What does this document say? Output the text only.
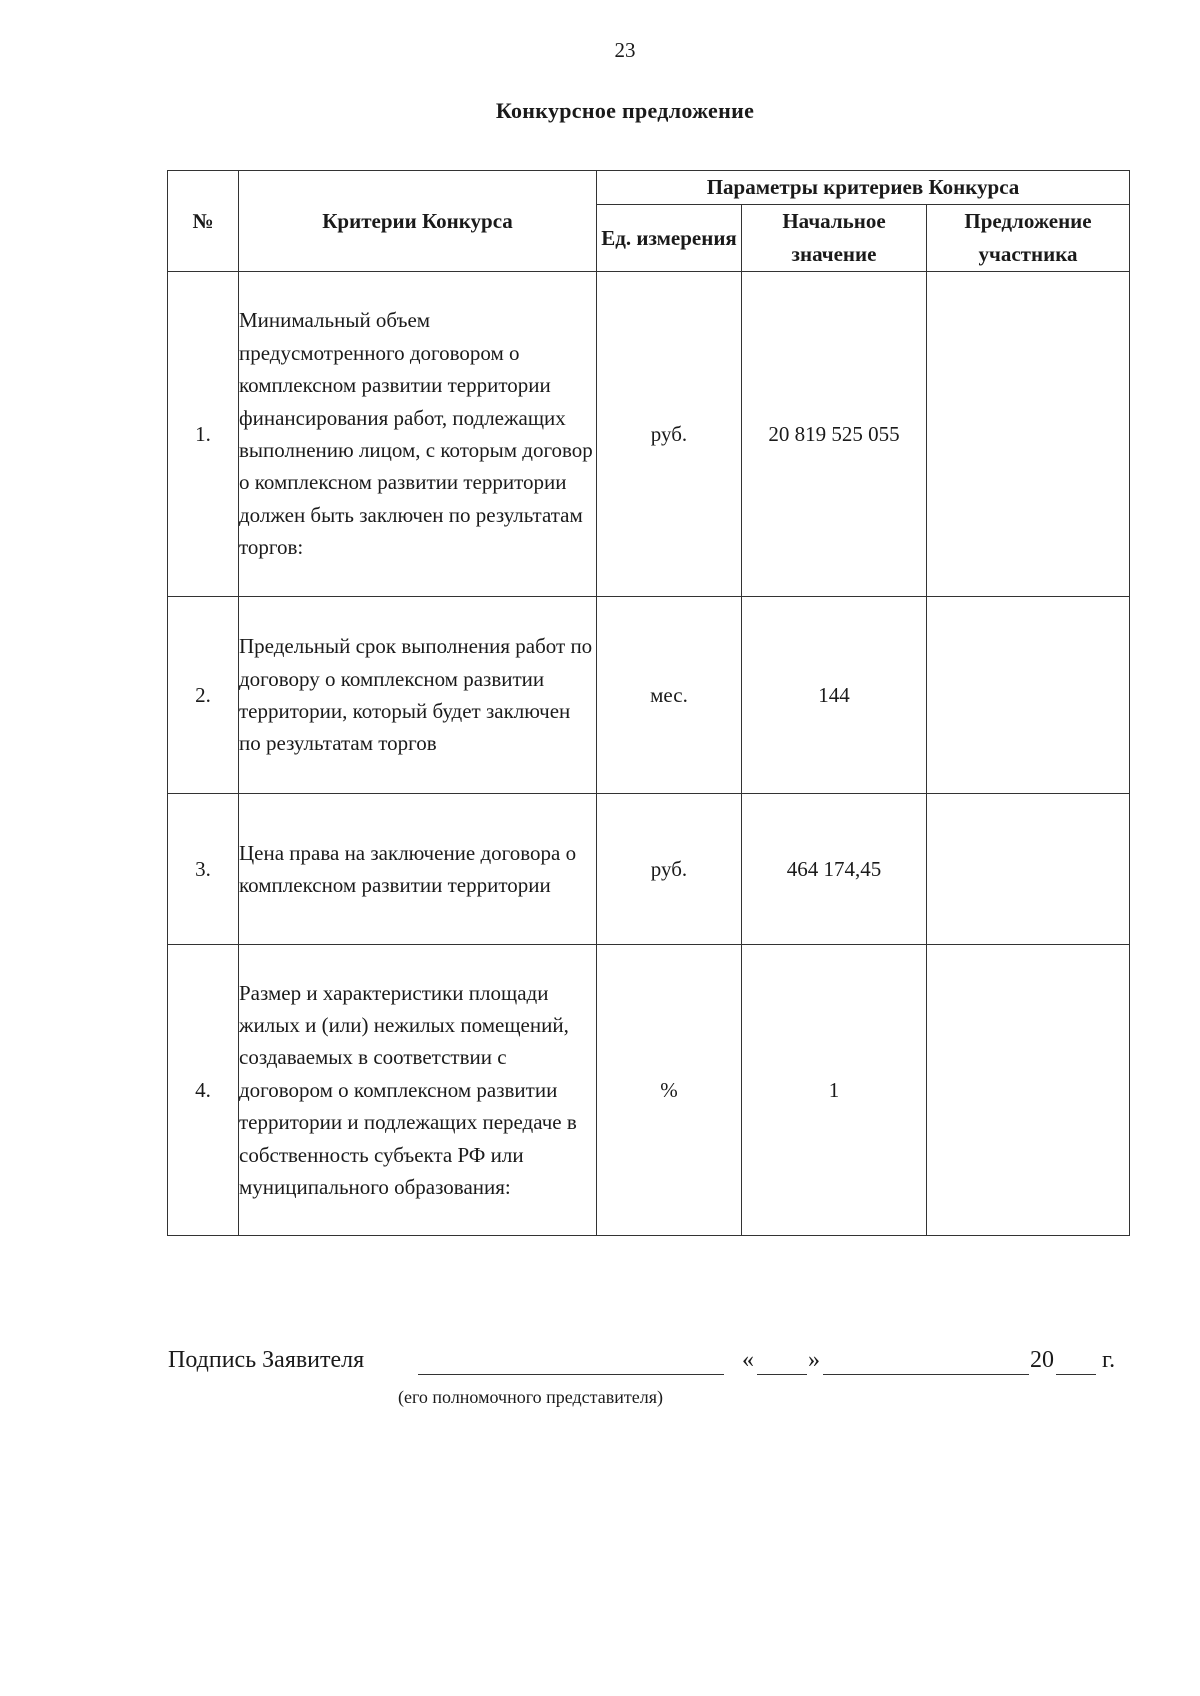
23
Конкурсное предложение
№	Критерии Конкурса	Параметры критериев Конкурса		
		Ед. измерения	Начальное значение	Предложение участника
1.	Минимальный объем предусмотренного договором о комплексном развитии территории финансирования работ, подлежащих выполнению лицом, с которым договор о комплексном развитии территории должен быть заключен по результатам торгов:	руб.	20 819 525 055	
2.	Предельный срок выполнения работ по договору о комплексном развитии территории, который будет заключен по результатам торгов	мес.	144	
3.	Цена права на заключение договора о комплексном развитии территории	руб.	464 174,45	
4.	Размер и характеристики площади жилых и (или) нежилых помещений, создаваемых в соответствии с договором о комплексном развитии территории и подлежащих передаче в собственность субъекта РФ или муниципального образования:	%	1	
Подпись Заявителя	« »	20 г.
(его полномочного представителя)
